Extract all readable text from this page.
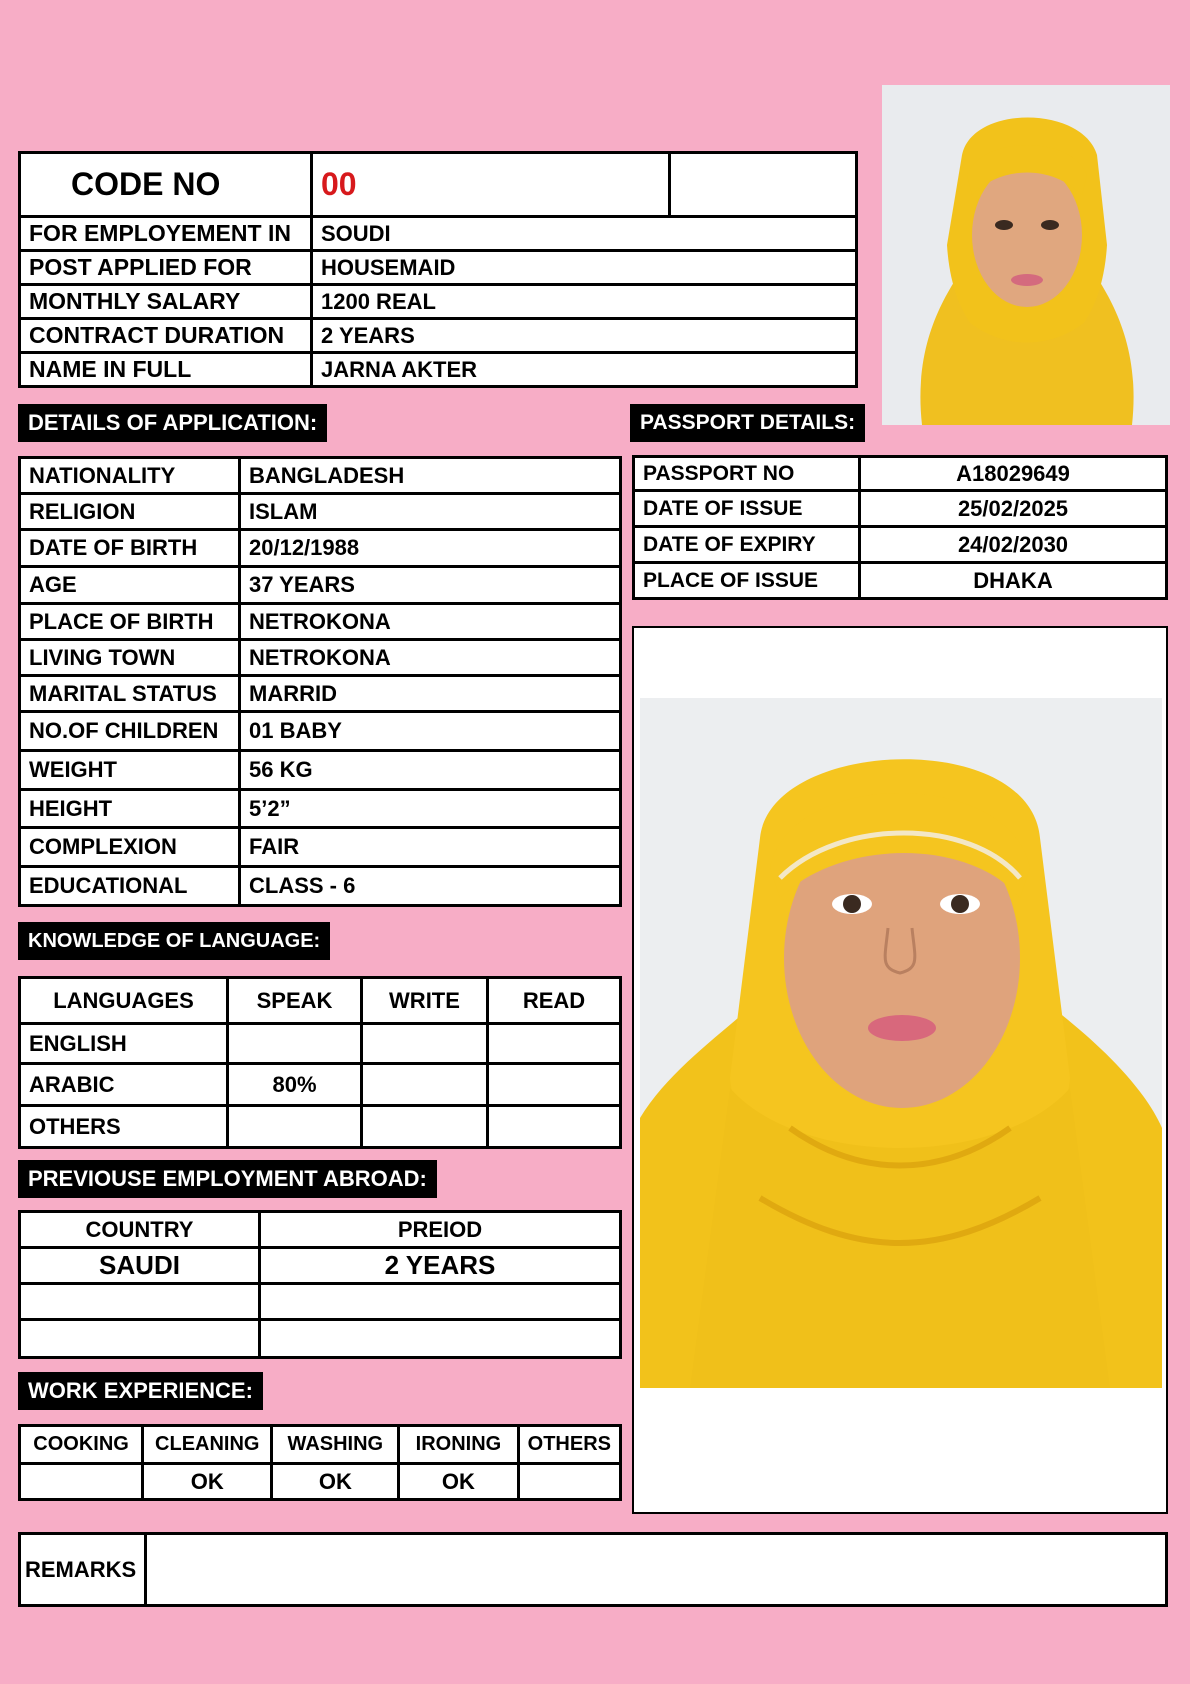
CODE NO	00	
FOR EMPLOYEMENT IN	SOUDI	
POST APPLIED FOR	HOUSEMAID	
MONTHLY SALARY	1200 REAL	
CONTRACT DURATION	2 YEARS	
NAME IN FULL	JARNA AKTER	
DETAILS OF APPLICATION:
NATIONALITY	BANGLADESH
RELIGION	ISLAM
DATE OF BIRTH	20/12/1988
AGE	37 YEARS
PLACE OF BIRTH	NETROKONA
LIVING TOWN	NETROKONA
MARITAL STATUS	MARRID
NO.OF CHILDREN	01 BABY
WEIGHT	56 KG
HEIGHT	5’2”
COMPLEXION	FAIR
EDUCATIONAL	CLASS - 6
PASSPORT DETAILS:
PASSPORT NO	A18029649
DATE OF ISSUE	25/02/2025
DATE OF EXPIRY	24/02/2030
PLACE OF ISSUE	DHAKA
KNOWLEDGE OF LANGUAGE:
LANGUAGES	SPEAK	WRITE	READ
ENGLISH			
ARABIC	80%		
OTHERS			
PREVIOUSE EMPLOYMENT ABROAD:
COUNTRY	PREIOD
SAUDI	2 YEARS

WORK EXPERIENCE:
COOKING	CLEANING	WASHING	IRONING	OTHERS
	OK	OK	OK	
REMARKS	
